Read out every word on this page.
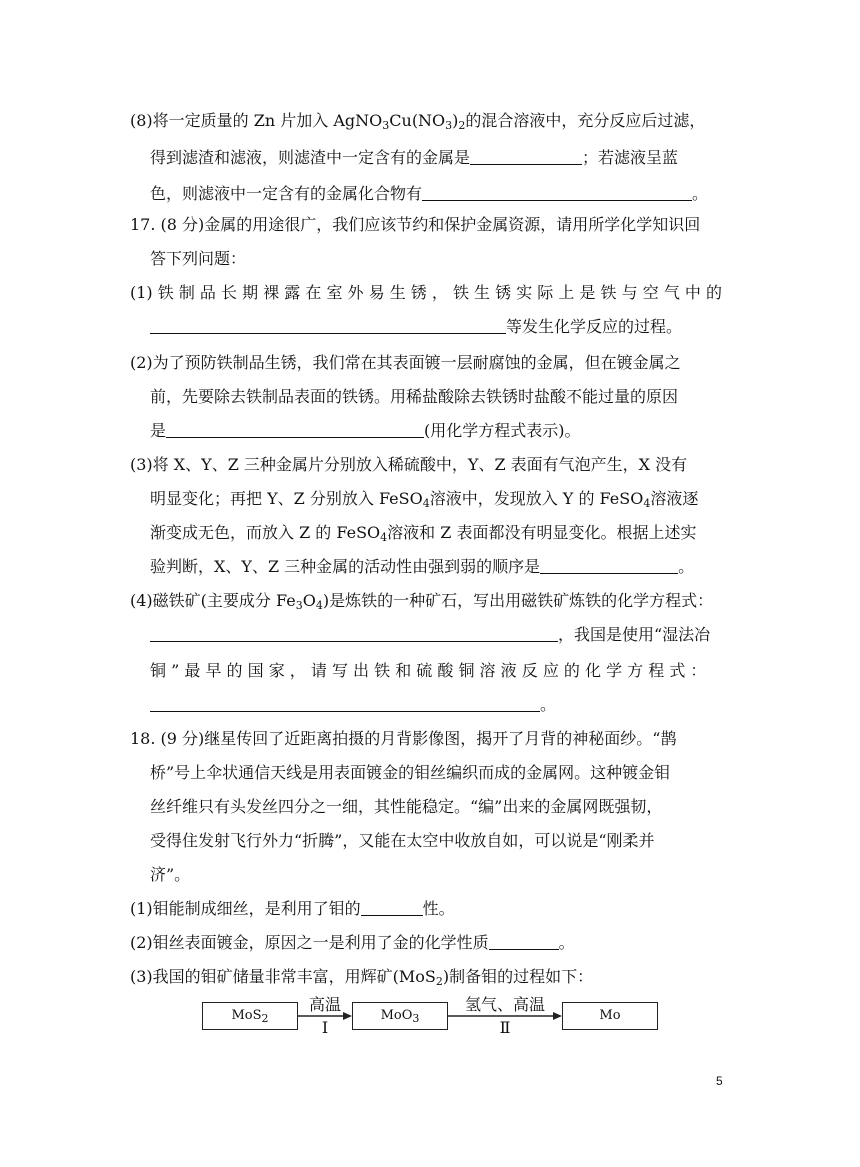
(8)将一定质量的 Zn 片加入 $AgNO_3Cu(NO_3)_2$的混合溶液中，充分反应后过滤，
得到滤渣和滤液，则滤渣中一定含有的金属是	；若滤液呈蓝
色，则滤液中一定含有的金属化合物有	。
17. (8 分)金属的用途很广，我们应该节约和保护金属资源，请用所学化学知识回
答下列问题：
(1) 铁 制 品 长 期 裸 露 在 室 外 易 生 锈 ， 铁 生 锈 实 际 上 是 铁 与 空 气 中 的
等发生化学反应的过程。
(2)为了预防铁制品生锈，我们常在其表面镀一层耐腐蚀的金属，但在镀金属之
前，先要除去铁制品表面的铁锈。用稀盐酸除去铁锈时盐酸不能过量的原因
是	(用化学方程式表示)。
(3)将 X、Y、Z 三种金属片分别放入稀硫酸中，Y、Z 表面有气泡产生，X 没有
明显变化；再把 Y、Z 分别放入 FeSO$_4$溶液中，发现放入 Y 的 FeSO$_4$溶液逐
渐变成无色，而放入 Z 的 FeSO$_4$溶液和 Z 表面都没有明显变化。根据上述实
验判断，X、Y、Z 三种金属的活动性由强到弱的顺序是	。
(4)磁铁矿(主要成分 $Fe_3O_4$)是炼铁的一种矿石，写出用磁铁矿炼铁的化学方程式：
，我国是使用“湿法冶
铜 ” 最 早 的 国 家 ， 请 写 出 铁 和 硫 酸 铜 溶 液 反 应 的 化 学 方 程 式 ：
。
18. (9 分)继星传回了近距离拍摄的月背影像图，揭开了月背的神秘面纱。“鹊
桥”号上伞状通信天线是用表面镀金的钼丝编织而成的金属网。这种镀金钼
丝纤维只有头发丝四分之一细，其性能稳定。“编”出来的金属网既强韧，
受得住发射飞行外力“折腾”，又能在太空中收放自如，可以说是“刚柔并
济”。
(1)钼能制成细丝，是利用了钼的	性。
(2)钼丝表面镀金，原因之一是利用了金的化学性质	。
(3)我国的钼矿储量非常丰富，用辉矿(MoS$_2$)制备钼的过程如下：
MoS$_2$	MoO$_3$	Mo
高温
Ⅰ
氢气、高温
Ⅱ
5
